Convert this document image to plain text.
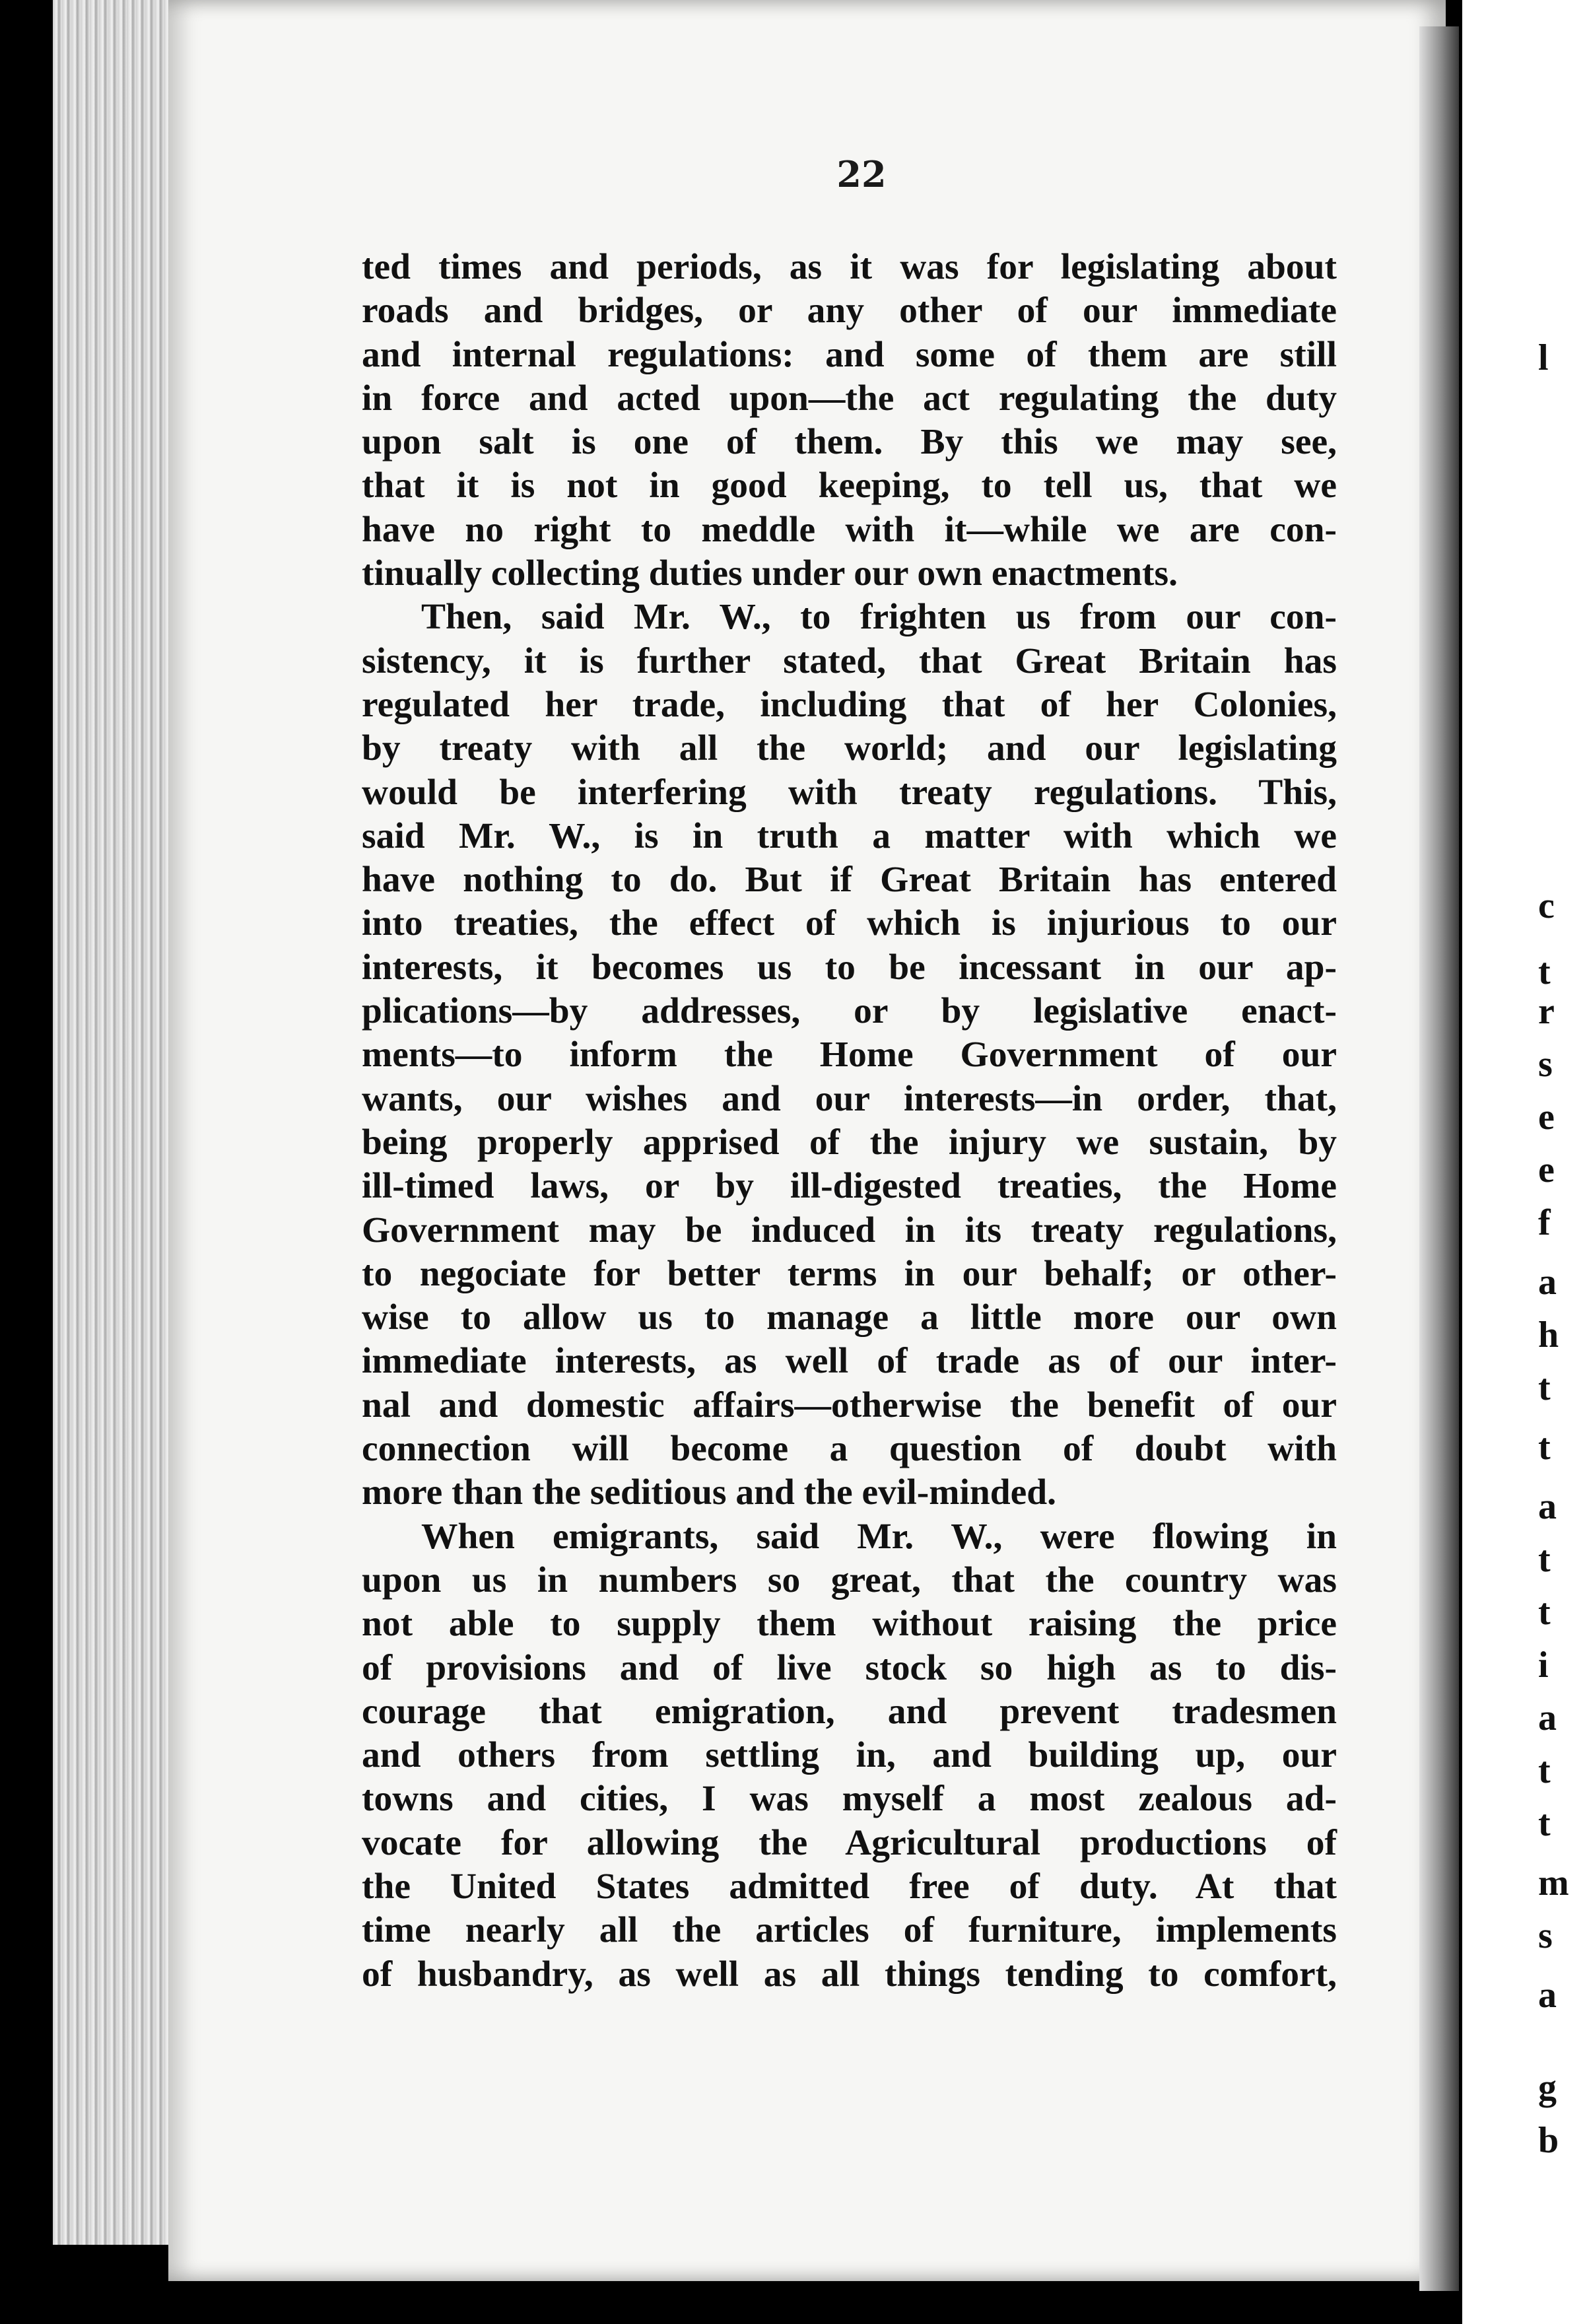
l
c
t
r
s
e
e
f
a
h
t
t
a
t
t
i
a
t
t
m
s
a
g
b
22
ted times and periods, as it was for legislating about
roads and bridges, or any other of our immediate
and internal regulations: and some of them are still
in force and acted upon—the act regulating the duty
upon salt is one of them. By this we may see,
that it is not in good keeping, to tell us, that we
have no right to meddle with it—while we are con-
tinually collecting duties under our own enactments.
Then, said Mr. W., to frighten us from our con-
sistency, it is further stated, that Great Britain has
regulated her trade, including that of her Colonies,
by treaty with all the world; and our legislating
would be interfering with treaty regulations. This,
said Mr. W., is in truth a matter with which we
have nothing to do. But if Great Britain has entered
into treaties, the effect of which is injurious to our
interests, it becomes us to be incessant in our ap-
plications—by addresses, or by legislative enact-
ments—to inform the Home Government of our
wants, our wishes and our interests—in order, that,
being properly apprised of the injury we sustain, by
ill-timed laws, or by ill-digested treaties, the Home
Government may be induced in its treaty regulations,
to negociate for better terms in our behalf; or other-
wise to allow us to manage a little more our own
immediate interests, as well of trade as of our inter-
nal and domestic affairs—otherwise the benefit of our
connection will become a question of doubt with
more than the seditious and the evil-minded.
When emigrants, said Mr. W., were flowing in
upon us in numbers so great, that the country was
not able to supply them without raising the price
of provisions and of live stock so high as to dis-
courage that emigration, and prevent tradesmen
and others from settling in, and building up, our
towns and cities, I was myself a most zealous ad-
vocate for allowing the Agricultural productions of
the United States admitted free of duty. At that
time nearly all the articles of furniture, implements
of husbandry, as well as all things tending to comfort,
